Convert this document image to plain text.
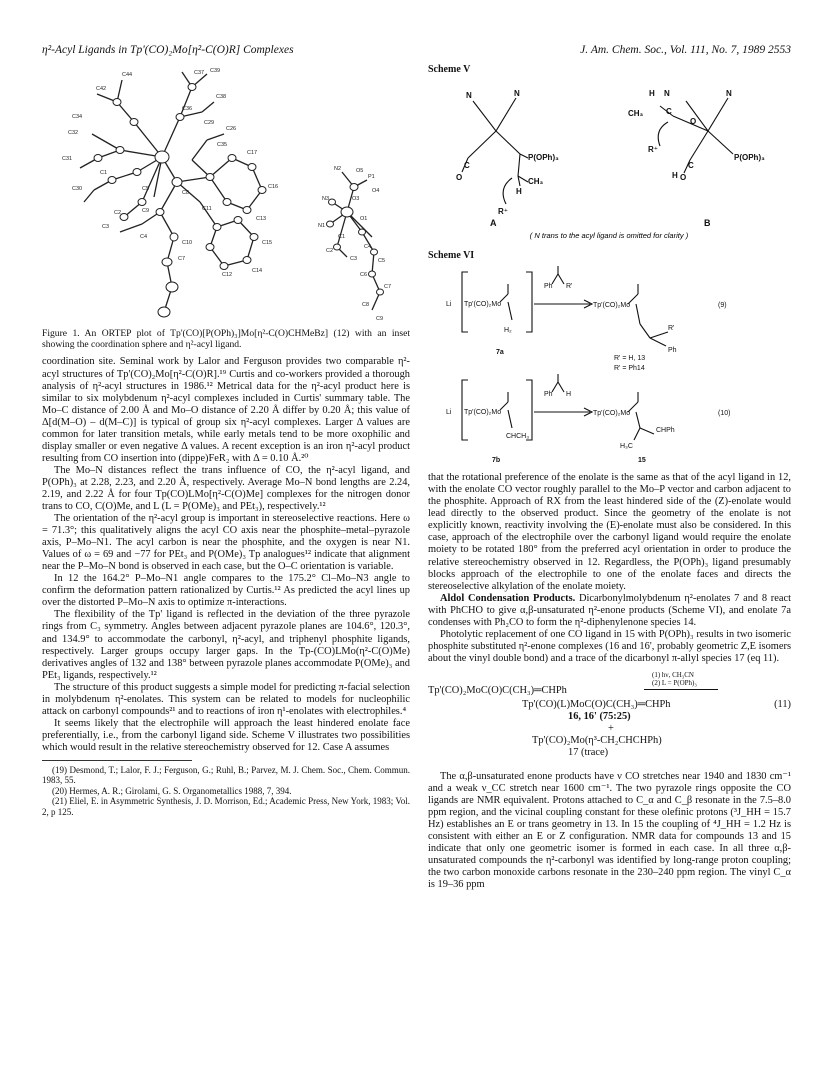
η²-Acyl Ligands in Tp'(CO)₂Mo[η²-C(O)R] Complexes	J. Am. Chem. Soc., Vol. 111, No. 7, 1989 2553
C44	C37
C42
C39
C38
C34
C36
C32
C26
C31
C29
C30
C1
C35
C5
C8
C17
C16
C13
C14
C11
C15
C12
C10
C4
C7
C2
C3
C9
N3
N2
N1
P1
O1
O3
O4
O5
C1
C2
C3
C4
C5
C6
C7
C8
C9

Figure 1. An ORTEP plot of Tp'(CO)[P(OPh)₃]Mo[η²-C(O)CHMeBz] (12) with an inset showing the coordination sphere and η²-acyl ligand.

coordination site. Seminal work by Lalor and Ferguson provides two comparable η²-acyl structures of Tp'(CO)₂Mo[η²-C(O)R].¹⁹ Curtis and co-workers provided a thorough analysis of η²-acyl structures in 1986.¹² Metrical data for the η²-acyl product here is similar to six molybdenum η²-acyl complexes included in Curtis' summary table. The Mo–C distance of 2.00 Å and Mo–O distance of 2.20 Å differ by 0.20 Å; this value of Δ[d(M–O) – d(M–C)] is typical of group six η²-acyl complexes. Larger Δ values are common for later transition metals, while early metals tend to be more oxophilic and display smaller or even negative Δ values. A recent exception is an iron η²-acyl product resulting from CO insertion into (dippe)FeR₂ with Δ = 0.10 Å.²⁰

The Mo–N distances reflect the trans influence of CO, the η²-acyl ligand, and P(OPh)₃ at 2.28, 2.23, and 2.20 Å, respectively. Average Mo–N bond lengths are 2.24, 2.19, and 2.22 Å for four Tp(CO)LMo[η²-C(O)Me] complexes for the nitrogen donor trans to CO, C(O)Me, and L (L = P(OMe)₃ and PEt₃), respectively.¹²

The orientation of the η²-acyl group is important in stereoselective reactions. Here ω = 71.3°; this qualitatively aligns the acyl CO axis near the phosphite–metal–pyrazole axis, P–Mo–N1. The acyl carbon is near the phosphite, and the oxygen is near N1. Values of ω = 69 and −77 for PEt₃ and P(OMe)₃ Tp analogues¹² indicate that alignment near the P–Mo–N bond is observed in each case, but the O–C orientation is variable.

In 12 the 164.2° P–Mo–N1 angle compares to the 175.2° Cl–Mo–N3 angle to confirm the deformation pattern rationalized by Curtis.¹² As predicted the acyl lines up over the distorted P–Mo–N axis to optimize π-interactions.

The flexibility of the Tp' ligand is reflected in the deviation of the three pyrazole rings from C₃ symmetry. Angles between adjacent pyrazole planes are 104.6°, 120.3°, and 134.9° to accommodate the carbonyl, η²-acyl, and triphenyl phosphite ligands, respectively. Larger groups occupy larger gaps. In the Tp-(CO)LMo(η²-C(O)Me) derivatives angles of 132 and 138° between pyrazole planes accommodate P(OMe)₃ and PEt₃ ligands, respectively.¹²

The structure of this product suggests a simple model for predicting π-facial selection in molybdenum η²-enolates. This system can be related to models for nucleophilic attack on carbonyl compounds²¹ and to reactions of iron η¹-enolates with electrophiles.⁴

It seems likely that the electrophile will approach the least hindered enolate face preferentially, i.e., from the carbonyl ligand side. Scheme V illustrates two possibilities which would result in the relative stereochemistry observed for 12. Case A assumes

(19) Desmond, T.; Lalor, F. J.; Ferguson, G.; Ruhl, B.; Parvez, M. J. Chem. Soc., Chem. Commun. 1983, 55.

(20) Hermes, A. R.; Girolami, G. S. Organometallics 1988, 7, 394.

(21) Eliel, E. in Asymmetric Synthesis, J. D. Morrison, Ed.; Academic Press, New York, 1983; Vol. 2, p 125.

Scheme V

N	N
P(OPh)₃
CH₃
R⁺
H
H N	N
CH₃	C
R⁺
O
P(OPh)₃
H O
C
O
C
A	B
( N trans to the acyl ligand is omitted for clarity )

Scheme VI

Li Tp'(CO)₂Mo
H₂
Ph R'
Tp'(CO)₂Mo
R'
Ph
(9)
R' = H, 13
R' = Ph14
7a
Li Tp'(CO)₂Mo
CHCH₃
Ph H
Tp'(CO)₂Mo
CHPh
H₃C
(10)
7b	15

that the rotational preference of the enolate is the same as that of the acyl ligand in 12, with the enolate CO vector roughly parallel to the Mo–P vector and carbon adjacent to the phosphite. Approach of RX from the least hindered side of the (Z)-enolate would lead directly to the observed product. Since the geometry of the enolate is not explicitly known, reactivity involving the (E)-enolate must also be considered. In this case, approach of the electrophile over the carbonyl ligand would require the enolate moiety to be rotated 180° from the preferred acyl orientation in order to produce the relative stereochemistry observed in 12. Regardless, the P(OPh)₃ ligand presumably blocks approach of the electrophile to one of the enolate faces and directs the stereoselective alkylation of the enolate moiety.

Aldol Condensation Products. Dicarbonylmolybdenum η²-enolates 7 and 8 react with PhCHO to give α,β-unsaturated η²-enone products (Scheme VI), and enolate 7a condenses with Ph₂CO to form the η²-diphenylenone species 14.

Photolytic replacement of one CO ligand in 15 with P(OPh)₃ results in two isomeric phosphite substituted η²-enone complexes (16 and 16', probably geometric Z,E isomers about the vinyl double bond) and a trace of the dicarbonyl π-allyl species 17 (eq 11).

(1) hν, CH₃CN
(2) L = P(OPh)₃
Tp'(CO)₂MoC(O)C(CH₃)═CHPh
Tp'(CO)(L)MoC(O)C(CH₃)═CHPh	(11)
16, 16' (75:25)
+
Tp'(CO)₂Mo(η³-CH₂CHCHPh)
17 (trace)

The α,β-unsaturated enone products have ν CO stretches near 1940 and 1830 cm⁻¹ and a weak ν_CC stretch near 1600 cm⁻¹. The two pyrazole rings opposite the CO ligands are NMR equivalent. Protons attached to C_α and C_β resonate in the 7.5–8.0 ppm region, and the vicinal coupling constant for these olefinic protons (³J_HH = 15.7 Hz) establishes an E or trans geometry in 13. In 15 the coupling of ⁴J_HH = 1.2 Hz is consistent with either an E or Z configuration. NMR data for compounds 13 and 15 indicate that only one geometric isomer is formed in each case. In all three α,β-unsaturated compounds the η²-carbonyl was identified by long-range proton coupling; the two carbon monoxide carbons resonate in the 230–240 ppm region. The vinyl C_α is 19–36 ppm
